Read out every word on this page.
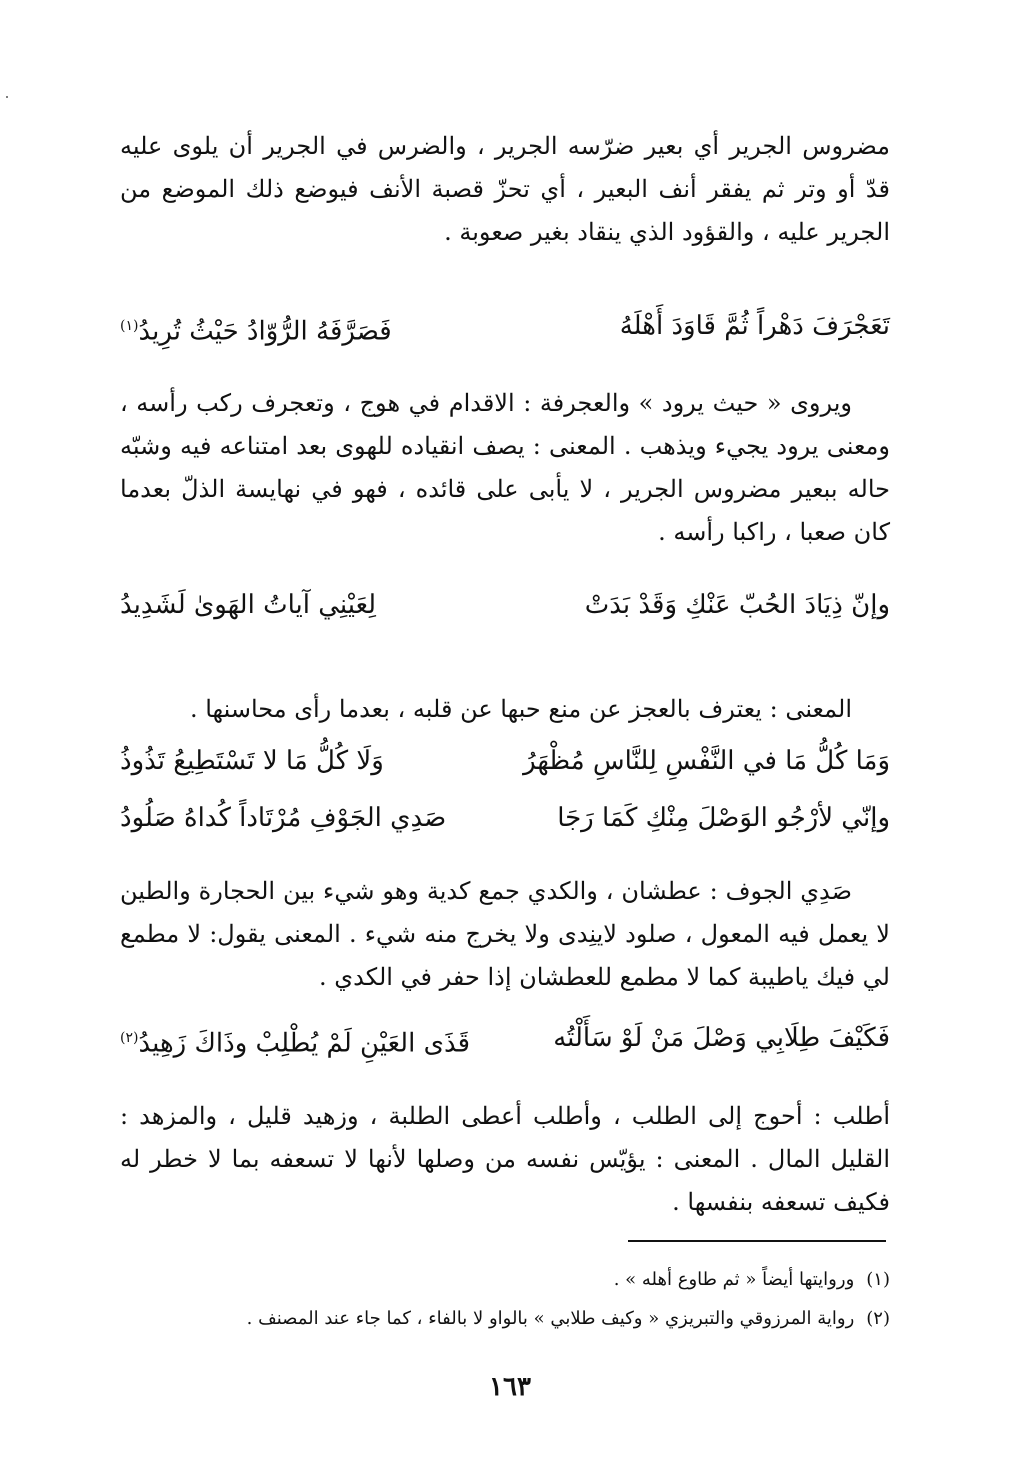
مضروس الجرير أي بعير ضرّسه الجرير ، والضرس في الجرير أن يلوى عليه قدّ أو وتر ثم يفقر أنف البعير ، أي تحزّ قصبة الأنف فيوضع ذلك الموضع من الجرير عليه ، والقؤود الذي ينقاد بغير صعوبة .

تَعَجْرَفَ دَهْراً ثُمَّ قَاوَدَ أَهْلَهُ
فَصَرَّفَهُ الرُّوّادُ حَيْثُ تُرِيدُ$^{(١)}$

ويروى « حيث يرود » والعجرفة : الاقدام في هوج ، وتعجرف ركب رأسه ، ومعنى يرود يجيء ويذهب . المعنى : يصف انقياده للهوى بعد امتناعه فيه وشبّه حاله ببعير مضروس الجرير ، لا يأبى على قائده ، فهو في نهايسة الذلّ بعدما كان صعبا ، راكبا رأسه .

وإنّ ذِيَادَ الحُبّ عَنْكِ وَقَدْ بَدَتْ
لِعَيْنِي آياتُ الهَوىٰ لَشَدِيدُ

المعنى : يعترف بالعجز عن منع حبها عن قلبه ، بعدما رأى محاسنها .

وَمَا كُلُّ مَا في النَّفْسِ لِلنَّاسِ مُظْهَرُ
وَلَا كُلُّ مَا لا تَسْتَطِيعُ تَذُوذُ
وإنّي لأرْجُو الوَصْلَ مِنْكِ كَمَا رَجَا
صَدِي الجَوْفِ مُرْتَاداً كُداهُ صَلُودُ

صَدِي الجوف : عطشان ، والكدي جمع كدية وهو شيء بين الحجارة والطين لا يعمل فيه المعول ، صلود لاينِدى ولا يخرج منه شيء . المعنى يقول: لا مطمع لي فيك ياطيبة كما لا مطمع للعطشان إذا حفر في الكدي .

فَكَيْفَ طِلَابِي وَصْلَ مَنْ لَوْ سَأَلْتُه
قَذَى العَيْنِ لَمْ يُطْلِبْ وذَاكَ زَهِيدُ$^{(٢)}$

أطلب : أحوج إلى الطلب ، وأطلب أعطى الطلبة ، وزهيد قليل ، والمزهد : القليل المال . المعنى : يؤيّس نفسه من وصلها لأنها لا تسعفه بما لا خطر له فكيف تسعفه بنفسها .

(١)وروايتها أيضاً « ثم طاوع أهله » .
(٢)رواية المرزوقي والتبريزي « وكيف طلابي » بالواو لا بالفاء ، كما جاء عند المصنف .
١٦٣
